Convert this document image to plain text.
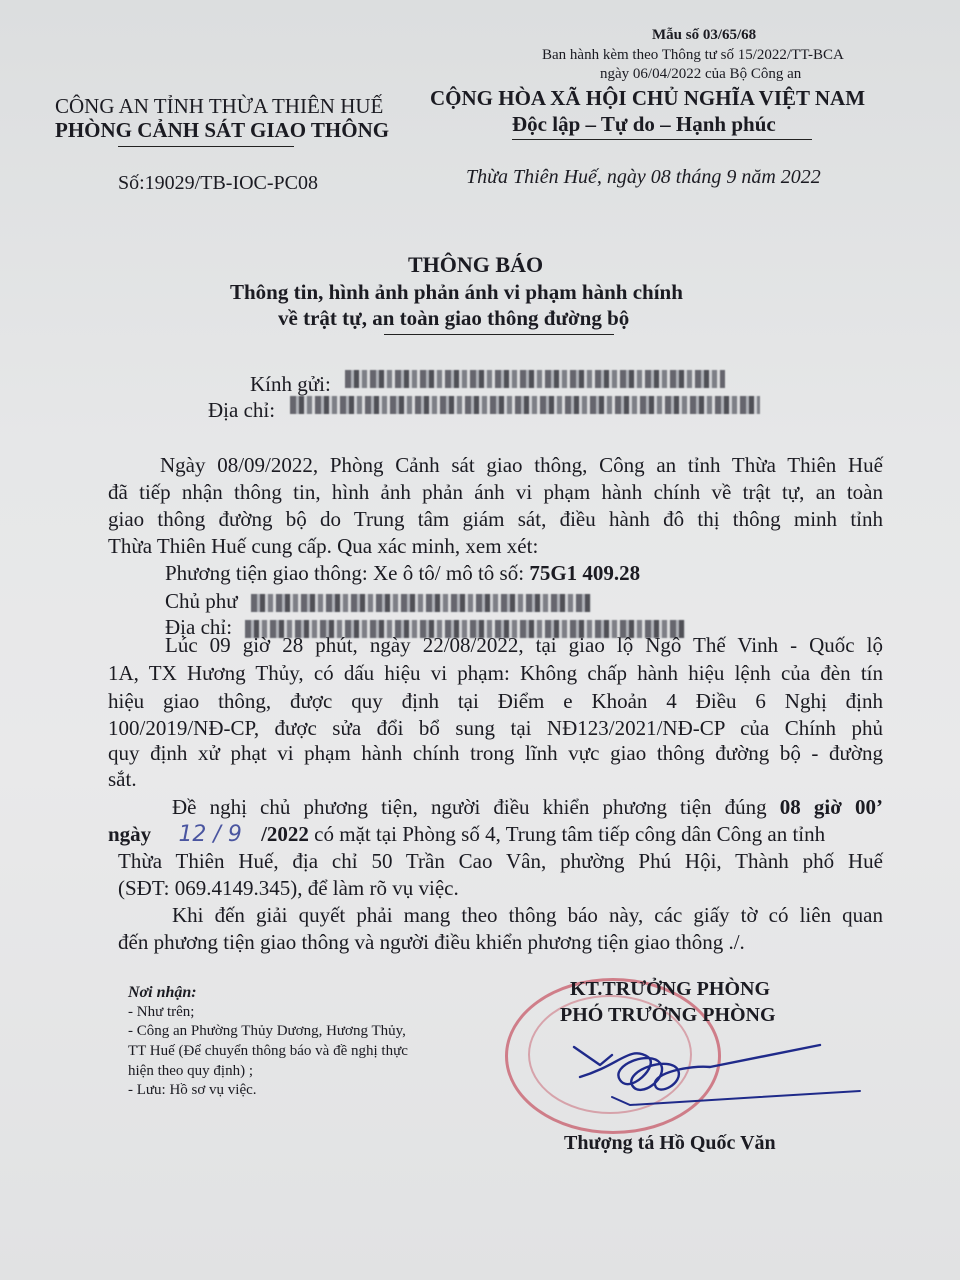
Mẫu số 03/65/68
Ban hành kèm theo Thông tư số 15/2022/TT-BCA
ngày 06/04/2022 của Bộ Công an
CÔNG AN TỈNH THỪA THIÊN HUẾ
PHÒNG CẢNH SÁT GIAO THÔNG
CỘNG HÒA XÃ HỘI CHỦ NGHĨA VIỆT NAM
Độc lập – Tự do – Hạnh phúc
Số:19029/TB-IOC-PC08	Thừa Thiên Huế, ngày 08 tháng 9 năm 2022
THÔNG BÁO
Thông tin, hình ảnh phản ánh vi phạm hành chính
về trật tự, an toàn giao thông đường bộ
Kính gửi:
Địa chỉ:
Ngày 08/09/2022, Phòng Cảnh sát giao thông, Công an tỉnh Thừa Thiên Huế
đã tiếp nhận thông tin, hình ảnh phản ánh vi phạm hành chính về trật tự, an toàn
giao thông đường bộ do Trung tâm giám sát, điều hành đô thị thông minh tỉnh
Thừa Thiên Huế cung cấp. Qua xác minh, xem xét:
Phương tiện giao thông: Xe ô tô/ mô tô số: 75G1 409.28
Chủ phư
Địa chỉ:
Lúc 09 giờ 28 phút, ngày 22/08/2022, tại giao lộ Ngô Thế Vinh - Quốc lộ
1A, TX Hương Thủy, có dấu hiệu vi phạm: Không chấp hành hiệu lệnh của đèn tín
hiệu giao thông, được quy định tại Điểm e Khoản 4 Điều 6 Nghị định
100/2019/NĐ-CP, được sửa đổi bổ sung tại NĐ123/2021/NĐ-CP của Chính phủ
quy định xử phạt vi phạm hành chính trong lĩnh vực giao thông đường bộ - đường
sắt.
Đề nghị chủ phương tiện, người điều khiển phương tiện đúng 08 giờ 00’
ngày 12 / 9 /2022 có mặt tại Phòng số 4, Trung tâm tiếp công dân Công an tỉnh
Thừa Thiên Huế, địa chỉ 50 Trần Cao Vân, phường Phú Hội, Thành phố Huế
(SĐT: 069.4149.345), để làm rõ vụ việc.
Khi đến giải quyết phải mang theo thông báo này, các giấy tờ có liên quan
đến phương tiện giao thông và người điều khiển phương tiện giao thông ./.
Nơi nhận:
- Như trên;
- Công an Phường Thủy Dương, Hương Thủy,
TT Huế (Để chuyển thông báo và đề nghị thực
hiện theo quy định) ;
- Lưu: Hồ sơ vụ việc.
KT.TRƯỞNG PHÒNG
PHÓ TRƯỞNG PHÒNG
Thượng tá Hồ Quốc Văn
